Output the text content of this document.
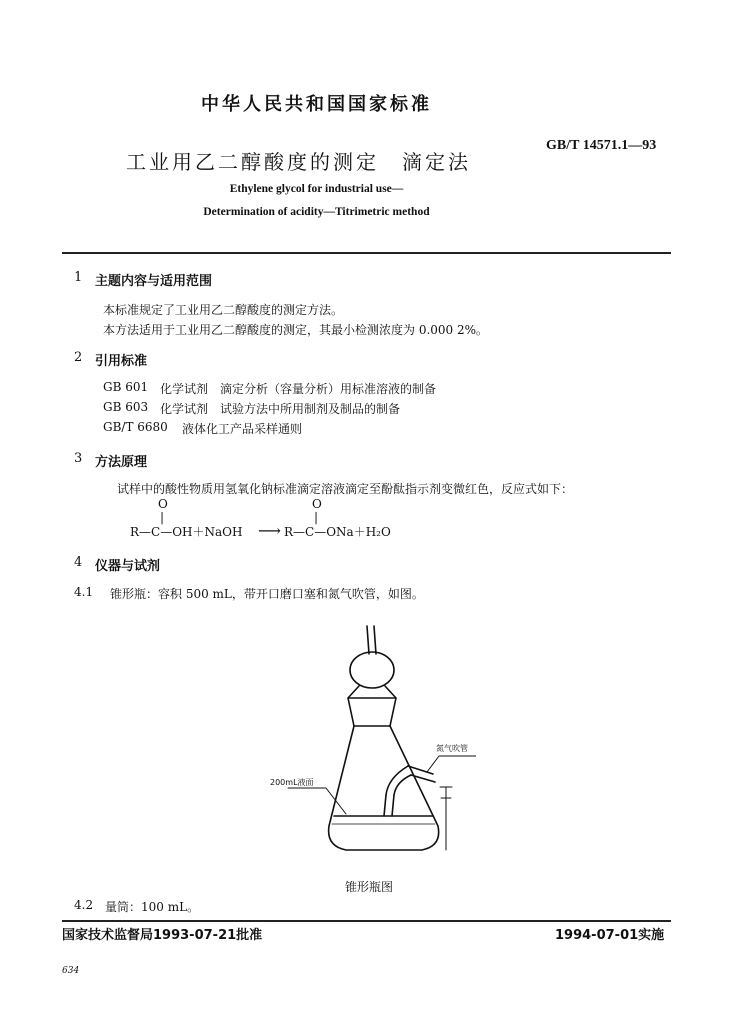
中华人民共和国国家标准
工业用乙二醇酸度的测定　滴定法
GB/T 14571.1—93
Ethylene glycol for industrial use—
Determination of acidity—Titrimetric method
1 主题内容与适用范围
本标准规定了工业用乙二醇酸度的测定方法。
本方法适用于工业用乙二醇酸度的测定，其最小检测浓度为 0.000 2%。
2 引用标准
GB 601 化学试剂　滴定分析（容量分析）用标准溶液的制备
GB 603 化学试剂　试验方法中所用制剂及制品的制备
GB/T 6680 液体化工产品采样通则
3 方法原理
试样中的酸性物质用氢氧化钠标准滴定溶液滴定至酚酞指示剂变微红色，反应式如下：
O
|
R—C—OH＋NaOH ⟶
O
|
R—C—ONa＋H₂O
4 仪器与试剂
4.1 锥形瓶：容积 500 mL，带开口磨口塞和氮气吹管，如图。
氮气吹管
200mL液面
锥形瓶图
4.2 量筒：100 mL。
国家技术监督局1993-07-21批准	1994-07-01实施
634
